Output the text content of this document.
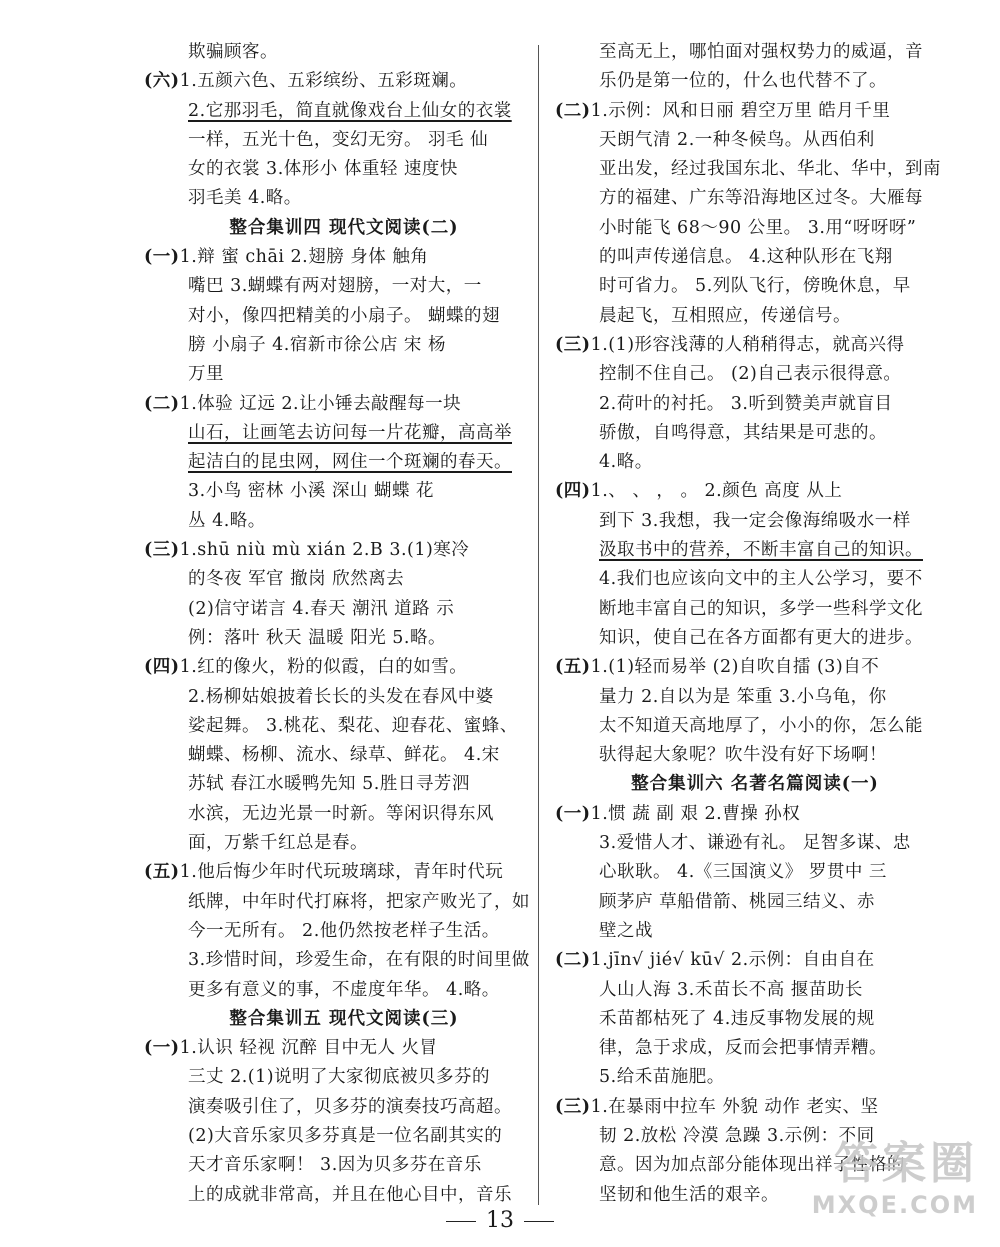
欺骗顾客。
(六)1.五颜六色、五彩缤纷、五彩斑斓。
2.它那羽毛，简直就像戏台上仙女的衣裳
一样，五光十色，变幻无穷。 羽毛 仙
女的衣裳 3.体形小 体重轻 速度快
羽毛美 4.略。
整合集训四 现代文阅读(二)
(一)1.辩 蜜 chāi 2.翅膀 身体 触角
嘴巴 3.蝴蝶有两对翅膀，一对大，一
对小，像四把精美的小扇子。 蝴蝶的翅
膀 小扇子 4.宿新市徐公店 宋 杨
万里
(二)1.体验 辽远 2.让小锤去敲醒每一块
山石，让画笔去访问每一片花瓣，高高举
起洁白的昆虫网，网住一个斑斓的春天。
3.小鸟 密林 小溪 深山 蝴蝶 花
丛 4.略。
(三)1.shū niù mù xián 2.B 3.(1)寒冷
的冬夜 军官 撤岗 欣然离去
(2)信守诺言 4.春天 潮汛 道路 示
例：落叶 秋天 温暖 阳光 5.略。
(四)1.红的像火，粉的似霞，白的如雪。
2.杨柳姑娘披着长长的头发在春风中婆
娑起舞。 3.桃花、梨花、迎春花、蜜蜂、
蝴蝶、杨柳、流水、绿草、鲜花。 4.宋
苏轼 春江水暖鸭先知 5.胜日寻芳泗
水滨，无边光景一时新。等闲识得东风
面，万紫千红总是春。
(五)1.他后悔少年时代玩玻璃球，青年时代玩
纸牌，中年时代打麻将，把家产败光了，如
今一无所有。 2.他仍然按老样子生活。
3.珍惜时间，珍爱生命，在有限的时间里做
更多有意义的事，不虚度年华。 4.略。
整合集训五 现代文阅读(三)
(一)1.认识 轻视 沉醉 目中无人 火冒
三丈 2.(1)说明了大家彻底被贝多芬的
演奏吸引住了，贝多芬的演奏技巧高超。
(2)大音乐家贝多芬真是一位名副其实的
天才音乐家啊！ 3.因为贝多芬在音乐
上的成就非常高，并且在他心目中，音乐
至高无上，哪怕面对强权势力的威逼，音
乐仍是第一位的，什么也代替不了。
(二)1.示例：风和日丽 碧空万里 皓月千里
天朗气清 2.一种冬候鸟。从西伯利
亚出发，经过我国东北、华北、华中，到南
方的福建、广东等沿海地区过冬。大雁每
小时能飞 68～90 公里。 3.用“呀呀呀”
的叫声传递信息。 4.这种队形在飞翔
时可省力。 5.列队飞行，傍晚休息，早
晨起飞，互相照应，传递信号。
(三)1.(1)形容浅薄的人稍稍得志，就高兴得
控制不住自己。 (2)自己表示很得意。
2.荷叶的衬托。 3.听到赞美声就盲目
骄傲，自鸣得意，其结果是可悲的。
4.略。
(四)1.、 、 ， 。 2.颜色 高度 从上
到下 3.我想，我一定会像海绵吸水一样
汲取书中的营养，不断丰富自己的知识。
4.我们也应该向文中的主人公学习，要不
断地丰富自己的知识，多学一些科学文化
知识，使自己在各方面都有更大的进步。
(五)1.(1)轻而易举 (2)自吹自擂 (3)自不
量力 2.自以为是 笨重 3.小乌龟，你
太不知道天高地厚了，小小的你，怎么能
驮得起大象呢？吹牛没有好下场啊！
整合集训六 名著名篇阅读(一)
(一)1.惯 蔬 副 艰 2.曹操 孙权
3.爱惜人才、谦逊有礼。 足智多谋、忠
心耿耿。 4.《三国演义》 罗贯中 三
顾茅庐 草船借箭、桃园三结义、赤
壁之战
(二)1.jīn√ jié√ kū√ 2.示例：自由自在
人山人海 3.禾苗长不高 揠苗助长
禾苗都枯死了 4.违反事物发展的规
律，急于求成，反而会把事情弄糟。
5.给禾苗施肥。
(三)1.在暴雨中拉车 外貌 动作 老实、坚
韧 2.放松 冷漠 急躁 3.示例：不同
意。因为加点部分能体现出祥子性格的
坚韧和他生活的艰辛。
13
答案圈
MXQE.COM
